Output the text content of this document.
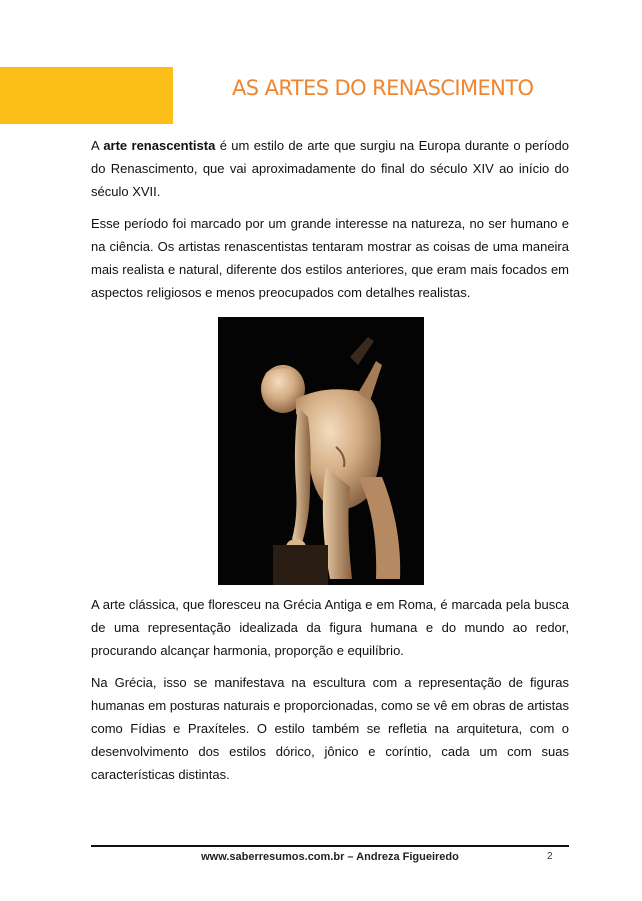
AS ARTES DO RENASCIMENTO

A arte renascentista é um estilo de arte que surgiu na Europa durante o período do Renascimento, que vai aproximadamente do final do século XIV ao início do século XVII.

Esse período foi marcado por um grande interesse na natureza, no ser humano e na ciência. Os artistas renascentistas tentaram mostrar as coisas de uma maneira mais realista e natural, diferente dos estilos anteriores, que eram mais focados em aspectos religiosos e menos preocupados com detalhes realistas.

A arte clássica, que floresceu na Grécia Antiga e em Roma, é marcada pela busca de uma representação idealizada da figura humana e do mundo ao redor, procurando alcançar harmonia, proporção e equilíbrio.

Na Grécia, isso se manifestava na escultura com a representação de figuras humanas em posturas naturais e proporcionadas, como se vê em obras de artistas como Fídias e Praxíteles. O estilo também se refletia na arquitetura, com o desenvolvimento dos estilos dórico, jônico e coríntio, cada um com suas características distintas.

www.saberresumos.com.br – Andreza Figueiredo	2
